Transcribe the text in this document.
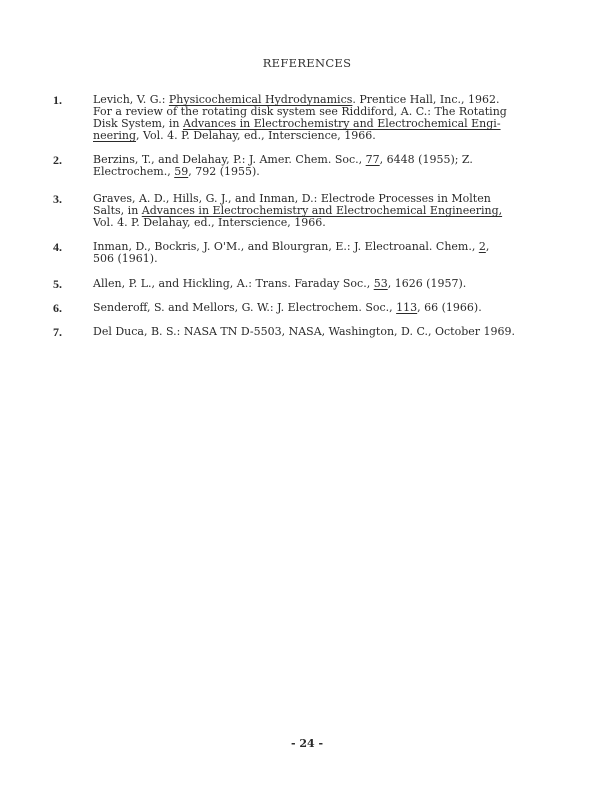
REFERENCES
1.	Levich, V. G.: Physicochemical Hydrodynamics. Prentice Hall, Inc., 1962.
For a review of the rotating disk system see Riddiford, A. C.: The Rotating
Disk System, in Advances in Electrochemistry and Electrochemical Engi-
neering, Vol. 4. P. Delahay, ed., Interscience, 1966.
2.	Berzins, T., and Delahay, P.: J. Amer. Chem. Soc., 77, 6448 (1955); Z.
Electrochem., 59, 792 (1955).
3.	Graves, A. D., Hills, G. J., and Inman, D.: Electrode Processes in Molten
Salts, in Advances in Electrochemistry and Electrochemical Engineering,
Vol. 4. P. Delahay, ed., Interscience, 1966.
4.	Inman, D., Bockris, J. O'M., and Blourgran, E.: J. Electroanal. Chem., 2,
506 (1961).
5.	Allen, P. L., and Hickling, A.: Trans. Faraday Soc., 53, 1626 (1957).
6.	Senderoff, S. and Mellors, G. W.: J. Electrochem. Soc., 113, 66 (1966).
7.	Del Duca, B. S.: NASA TN D-5503, NASA, Washington, D. C., October 1969.
- 24 -
